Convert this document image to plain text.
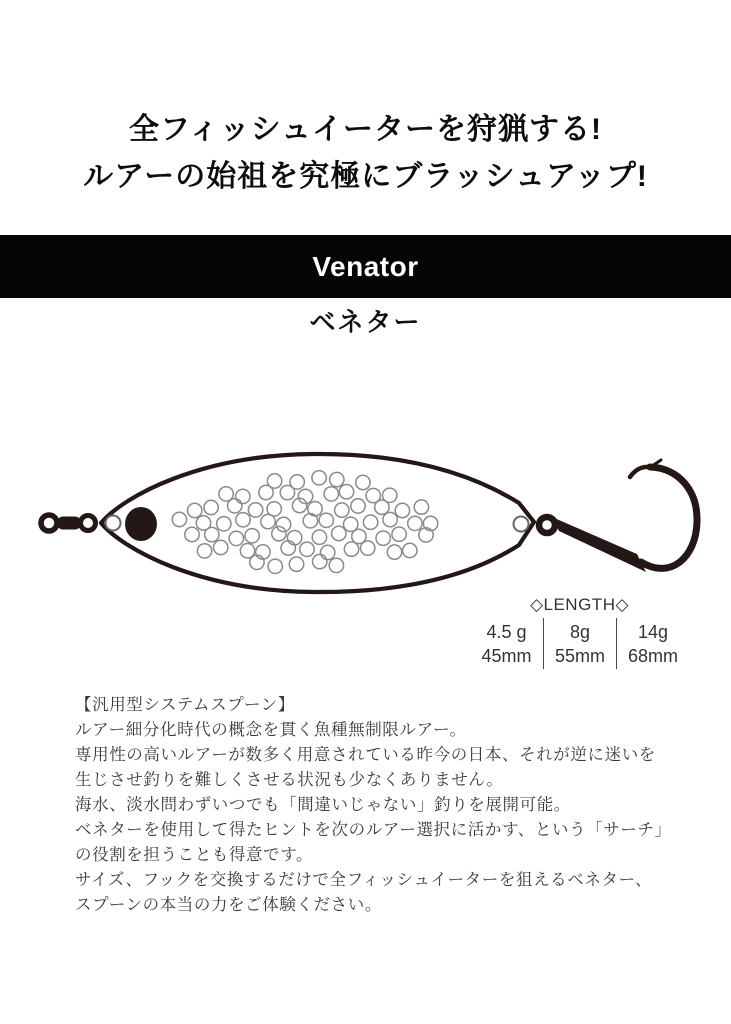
全フィッシュイーターを狩猟する!
ルアーの始祖を究極にブラッシュアップ!
Venator
ベネター
◇LENGTH◇
4.5 g
45mm
8g
55mm
14g
68mm
【汎用型システムスプーン】
ルアー細分化時代の概念を貫く魚種無制限ルアー。
専用性の高いルアーが数多く用意されている昨今の日本、それが逆に迷いを
生じさせ釣りを難しくさせる状況も少なくありません。
海水、淡水問わずいつでも「間違いじゃない」釣りを展開可能。
ベネターを使用して得たヒントを次のルアー選択に活かす、という「サーチ」
の役割を担うことも得意です。
サイズ、フックを交換するだけで全フィッシュイーターを狙えるベネター、
スプーンの本当の力をご体験ください。
